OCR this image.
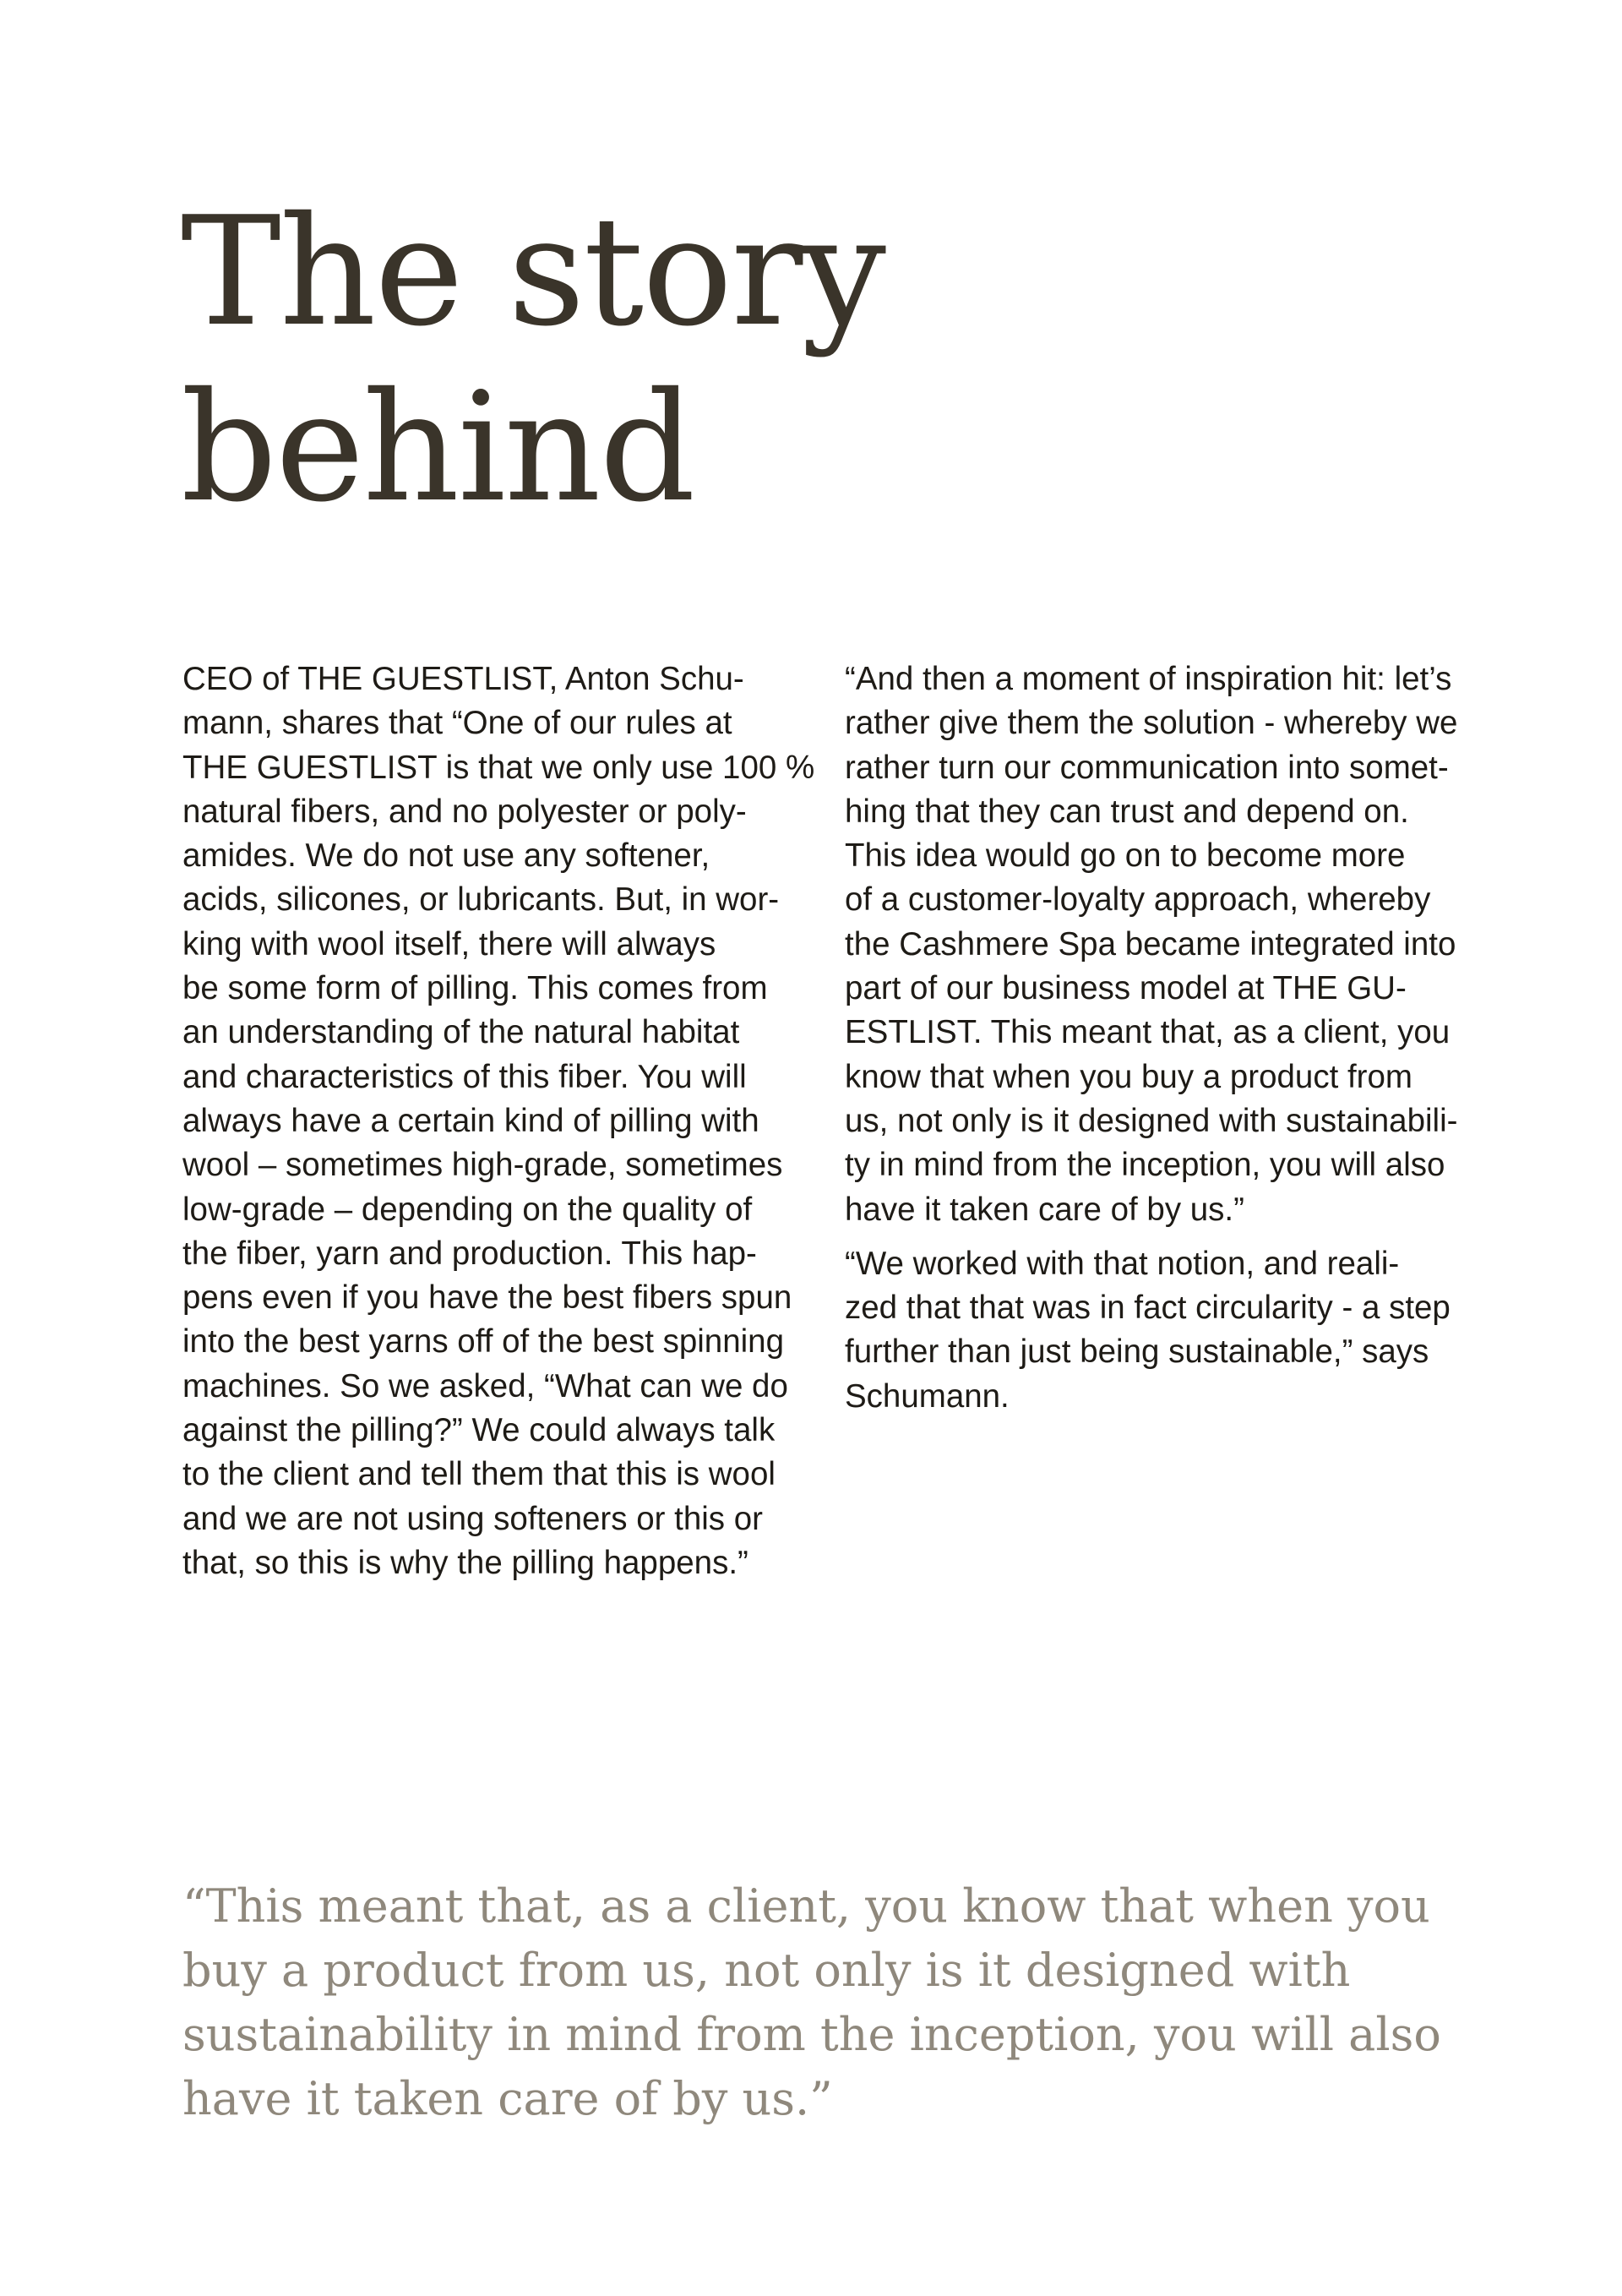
The story
behind

CEO of THE GUESTLIST, Anton Schu-
mann, shares that “One of our rules at
THE GUESTLIST is that we only use 100 %
natural fibers, and no polyester or poly-
amides. We do not use any softener,
acids, silicones, or lubricants. But, in wor-
king with wool itself, there will always
be some form of pilling. This comes from
an understanding of the natural habitat
and characteristics of this fiber. You will
always have a certain kind of pilling with
wool – sometimes high-grade, sometimes
low-grade – depending on the quality of
the fiber, yarn and production. This hap-
pens even if you have the best fibers spun
into the best yarns off of the best spinning
machines. So we asked, “What can we do
against the pilling?” We could always talk
to the client and tell them that this is wool
and we are not using softeners or this or
that, so this is why the pilling happens.”

“And then a moment of inspiration hit: let’s
rather give them the solution - whereby we
rather turn our communication into somet-
hing that they can trust and depend on.
This idea would go on to become more
of a customer-loyalty approach, whereby
the Cashmere Spa became integrated into
part of our business model at THE GU-
ESTLIST. This meant that, as a client, you
know that when you buy a product from
us, not only is it designed with sustainabili-
ty in mind from the inception, you will also
have it taken care of by us.”

“We worked with that notion, and reali-
zed that that was in fact circularity - a step
further than just being sustainable,” says
Schumann.

“This meant that, as a client, you know that when you
buy a product from us, not only is it designed with
sustainability in mind from the inception, you will also
have it taken care of by us.”
